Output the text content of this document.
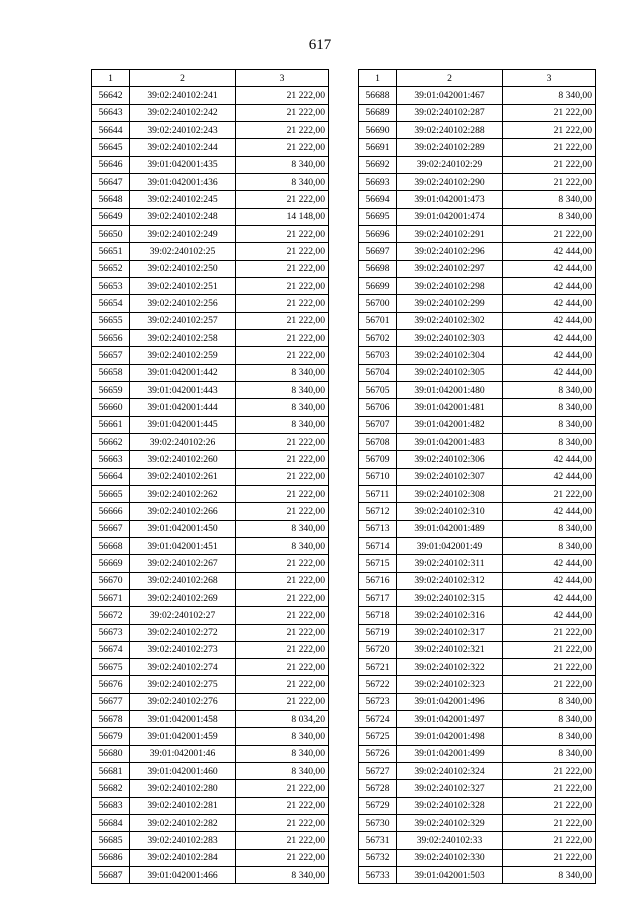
617
1	2	3
56642	39:02:240102:241	21 222,00
56643	39:02:240102:242	21 222,00
56644	39:02:240102:243	21 222,00
56645	39:02:240102:244	21 222,00
56646	39:01:042001:435	8 340,00
56647	39:01:042001:436	8 340,00
56648	39:02:240102:245	21 222,00
56649	39:02:240102:248	14 148,00
56650	39:02:240102:249	21 222,00
56651	39:02:240102:25	21 222,00
56652	39:02:240102:250	21 222,00
56653	39:02:240102:251	21 222,00
56654	39:02:240102:256	21 222,00
56655	39:02:240102:257	21 222,00
56656	39:02:240102:258	21 222,00
56657	39:02:240102:259	21 222,00
56658	39:01:042001:442	8 340,00
56659	39:01:042001:443	8 340,00
56660	39:01:042001:444	8 340,00
56661	39:01:042001:445	8 340,00
56662	39:02:240102:26	21 222,00
56663	39:02:240102:260	21 222,00
56664	39:02:240102:261	21 222,00
56665	39:02:240102:262	21 222,00
56666	39:02:240102:266	21 222,00
56667	39:01:042001:450	8 340,00
56668	39:01:042001:451	8 340,00
56669	39:02:240102:267	21 222,00
56670	39:02:240102:268	21 222,00
56671	39:02:240102:269	21 222,00
56672	39:02:240102:27	21 222,00
56673	39:02:240102:272	21 222,00
56674	39:02:240102:273	21 222,00
56675	39:02:240102:274	21 222,00
56676	39:02:240102:275	21 222,00
56677	39:02:240102:276	21 222,00
56678	39:01:042001:458	8 034,20
56679	39:01:042001:459	8 340,00
56680	39:01:042001:46	8 340,00
56681	39:01:042001:460	8 340,00
56682	39:02:240102:280	21 222,00
56683	39:02:240102:281	21 222,00
56684	39:02:240102:282	21 222,00
56685	39:02:240102:283	21 222,00
56686	39:02:240102:284	21 222,00
56687	39:01:042001:466	8 340,00
1	2	3
56688	39:01:042001:467	8 340,00
56689	39:02:240102:287	21 222,00
56690	39:02:240102:288	21 222,00
56691	39:02:240102:289	21 222,00
56692	39:02:240102:29	21 222,00
56693	39:02:240102:290	21 222,00
56694	39:01:042001:473	8 340,00
56695	39:01:042001:474	8 340,00
56696	39:02:240102:291	21 222,00
56697	39:02:240102:296	42 444,00
56698	39:02:240102:297	42 444,00
56699	39:02:240102:298	42 444,00
56700	39:02:240102:299	42 444,00
56701	39:02:240102:302	42 444,00
56702	39:02:240102:303	42 444,00
56703	39:02:240102:304	42 444,00
56704	39:02:240102:305	42 444,00
56705	39:01:042001:480	8 340,00
56706	39:01:042001:481	8 340,00
56707	39:01:042001:482	8 340,00
56708	39:01:042001:483	8 340,00
56709	39:02:240102:306	42 444,00
56710	39:02:240102:307	42 444,00
56711	39:02:240102:308	21 222,00
56712	39:02:240102:310	42 444,00
56713	39:01:042001:489	8 340,00
56714	39:01:042001:49	8 340,00
56715	39:02:240102:311	42 444,00
56716	39:02:240102:312	42 444,00
56717	39:02:240102:315	42 444,00
56718	39:02:240102:316	42 444,00
56719	39:02:240102:317	21 222,00
56720	39:02:240102:321	21 222,00
56721	39:02:240102:322	21 222,00
56722	39:02:240102:323	21 222,00
56723	39:01:042001:496	8 340,00
56724	39:01:042001:497	8 340,00
56725	39:01:042001:498	8 340,00
56726	39:01:042001:499	8 340,00
56727	39:02:240102:324	21 222,00
56728	39:02:240102:327	21 222,00
56729	39:02:240102:328	21 222,00
56730	39:02:240102:329	21 222,00
56731	39:02:240102:33	21 222,00
56732	39:02:240102:330	21 222,00
56733	39:01:042001:503	8 340,00
